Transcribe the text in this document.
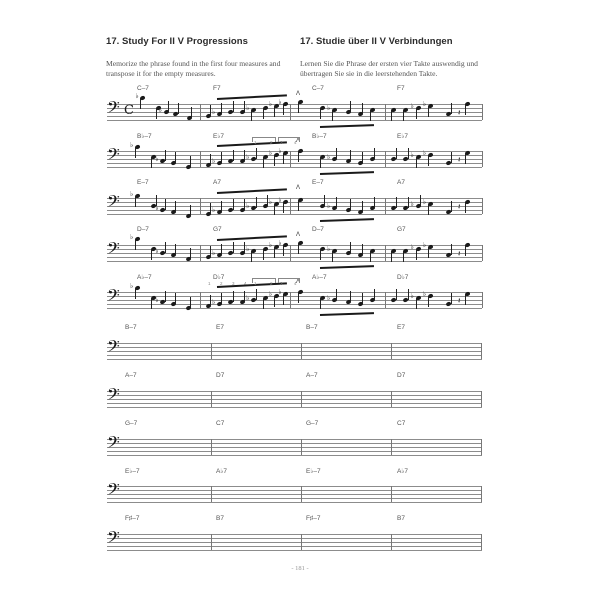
17. Study For II V Progressions
Memorize the phrase found in the first four measures and transpose it for the empty measures.
17. Studie über II V Verbindungen
Lernen Sie die Phrase der ersten vier Takte auswendig und übertragen Sie sie in die leerstehenden Takte.
C–7	F7	C–7	F7
𝄢 C
♭
♭	♭	♭	♭ ♭
♭	♭ ♭
𝄽
Λ
B♭–7	E♭7	B♭–7	E♭7
𝄢 ♭
♭	♭	♭	♭ ♭
♭	♭ ♭
𝄽
Λ
1	2 3	4
E–7	A7	E–7	A7
𝄢 ♭
♭	♭	♭	♭ ♭
♭	♭ ♭	𝄽
Λ
D–7	G7	D–7	G7
𝄢
♭
♭	♭	♭	♭ ♭
♭	♭ ♭
𝄽
Λ
A♭–7	D♭7	A♭–7	D♭7
𝄢 ♭
♭	♭	♭	♭ ♭
♭	♭ ♭
𝄽
Λ
1	2 3	4
1 2 3 4
B–7	E7	B–7	E7
𝄢
A–7	D7	A–7	D7
𝄢
G–7	C7	G–7	C7
𝄢
E♭–7	A♭7	E♭–7	A♭7
𝄢
F♯–7	B7	F♯–7	B7
𝄢
- 181 -
